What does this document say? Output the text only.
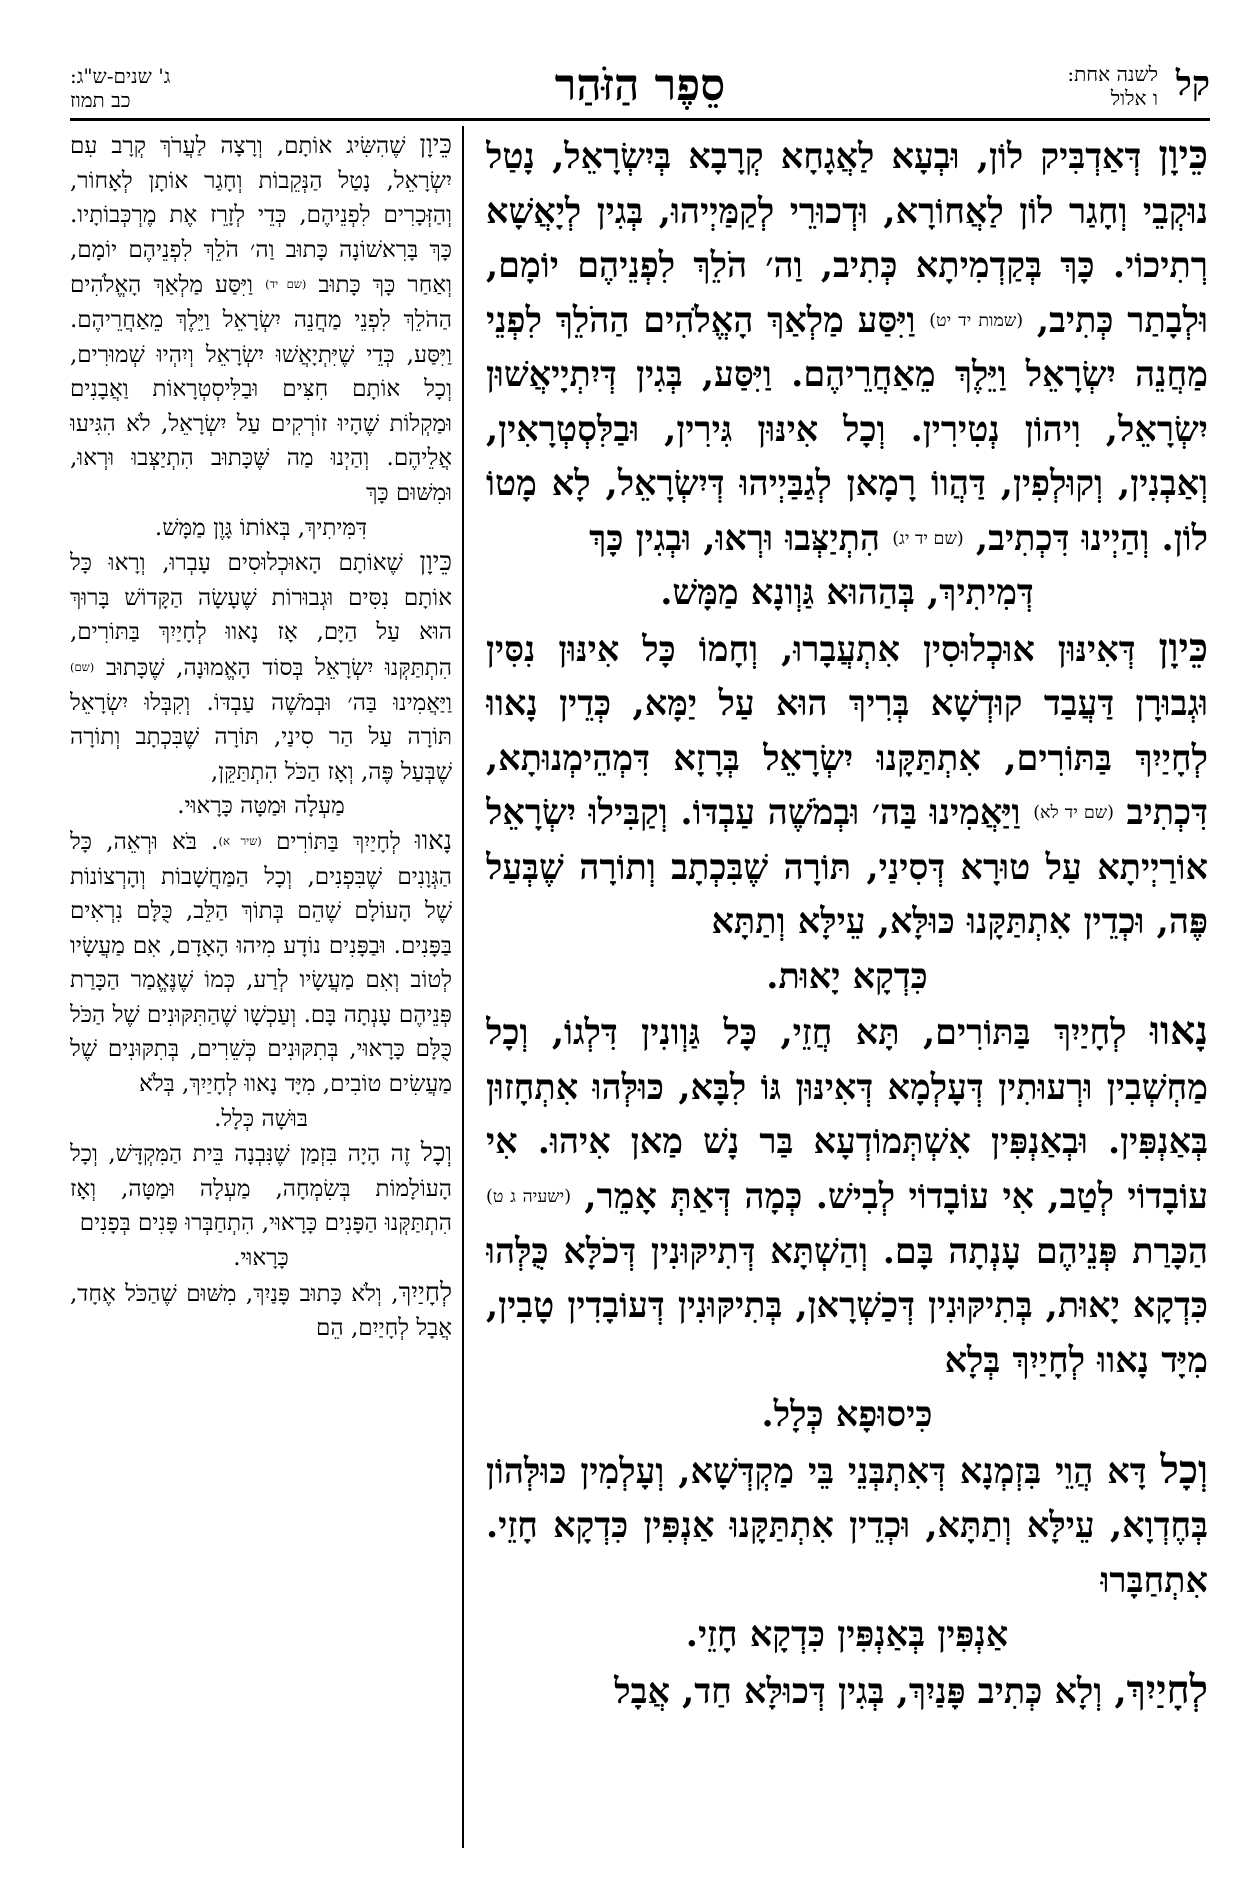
קל
לשנה אחת:
ו אלול
סֵפֶר הַזֹּהַר
ג' שנים-ש"ג:
כב תמוז

כֵּיוָן דְּאַדְבִּיק לוֹן, וּבְעָא לַאֲגָחָא קְרָבָא בְּיִשְׂרָאֵל, נָטַל נוּקְבֵי וְחָגַר לוֹן לַאֲחוֹרָא, וּדְכוּרֵי לְקַמַּיְיהוּ, בְּגִין לְיָאֲשָׁא רְתִיכוֹי. כָּךְ בְּקַדְמִיתָא כְּתִיב, וַה׳ הֹלֵךְ לִפְנֵיהֶם יוֹמָם, וּלְבָתַר כְּתִיב, (שמות יד יט) וַיִּסַּע מַלְאַךְ הָאֱלֹהִים הַהֹלֵךְ לִפְנֵי מַחֲנֵה יִשְׂרָאֵל וַיֵּלֶךְ מֵאַחֲרֵיהֶם. וַיִּסַּע, בְּגִין דְּיִתְיָיאֲשׁוּן יִשְׂרָאֵל, וִיהוֹן נְטִירִין. וְכָל אִינּוּן גִּירִין, וּבַלִּסְטְרָאִין, וְאַבְנִין, וְקוּלְפִין, דַּהֲווֹ רָמָאן לְגַבַּיְיהוּ דְּיִשְׂרָאֵל, לָא מָטוֹ לוֹן. וְהַיְינוּ דִּכְתִיב, (שם יד יג) הִתְיַצְּבוּ וּרְאוּ, וּבְגִין כָּךְ

דְּמִיתִיךְ, בְּהַהוּא גַּוְונָא מַמָּשׁ.

כֵּיוָן דְּאִינּוּן אוּכְלוּסִין אִתְעֲבָרוּ, וְחָמוֹ כָּל אִינּוּן נִסִּין וּגְבוּרָן דַּעֲבַד קוּדְשָׁא בְּרִיךְ הוּא עַל יַמָּא, כְּדֵין נָאווּ לְחָיַיִךְ בַּתּוֹרִים, אִתְתַּקָּנוּ יִשְׂרָאֵל בְּרָזָא דִּמְהֵימְנוּתָא, דִּכְתִיב (שם יד לא) וַיַּאֲמִינוּ בַּה׳ וּבְמֹשֶׁה עַבְדּוֹ. וְקַבִּילוּ יִשְׂרָאֵל אוֹרַיְיתָא עַל טוּרָא דְּסִינַי, תּוֹרָה שֶׁבִּכְתָב וְתוֹרָה שֶׁבְּעַל פֶּה, וּכְדֵין אִתְתַּקָּנוּ כּוּלָּא, עֵילָּא וְתַתָּא

כִּדְקָא יָאוּת.

נָאווּ לְחָיַיִךְ בַּתּוֹרִים, תָּא חֲזֵי, כָּל גַּוְונִין דִּלְגוֹ, וְכָל מַחְשְׁבִין וּרְעוּתִין דְּעָלְמָא דְּאִינּוּן גּוֹ לִבָּא, כּוּלְּהוּ אִתְחָזוּן בְּאַנְפִּין. וּבְאַנְפִּין אִשְׁתְּמוֹדְעָא בַּר נָשׁ מַאן אִיהוּ. אִי עוֹבָדוֹי לְטַב, אִי עוֹבָדוֹי לְבִישׁ. כְּמָה דְּאַתְּ אָמֵר, (ישעיה ג ט) הַכָּרַת פְּנֵיהֶם עָנְתָה בָּם. וְהַשְׁתָּא דְּתִיקּוּנִין דְּכֹלָּא כֻּלְּהוּ כִּדְקָא יָאוּת, בְּתִיקּוּנִין דְּכַשְׁרָאן, בְּתִיקּוּנִין דְּעוֹבָדִין טָבִין, מִיָּד נָאווּ לְחָיַיִךְ בְּלָא

כִּיסוּפָא כְּלָל.

וְכָל דָּא הֲוֵי בִּזְמְנָא דְּאִתְבְּנֵי בֵּי מַקְדְּשָׁא, וְעָלְמִין כּוּלְּהוֹן בְּחֶדְוָא, עֵילָּא וְתַתָּא, וּכְדֵין אִתְתַּקָּנוּ אַנְפִּין כִּדְקָא חָזֵי. אִתְחַבָּרוּ

אַנְפִּין בְּאַנְפִּין כִּדְקָא חָזֵי.

לְחָיַיִךְ, וְלָא כְּתִיב פָּנַיִךְ, בְּגִין דְּכוּלָּא חַד, אֲבָל

כֵּיוָן שֶׁהִשִּׂיג אוֹתָם, וְרָצָה לַעֲרֹךְ קְרָב עִם יִשְׂרָאֵל, נָטַל הַנְּקֵבוֹת וְחָגַר אוֹתָן לְאָחוֹר, וְהַזְּכָרִים לִפְנֵיהֶם, כְּדֵי לְזָרֵז אֶת מֶרְכְּבוֹתָיו. כָּךְ בָּרִאשׁוֹנָה כָּתוּב וַה׳ הֹלֵךְ לִפְנֵיהֶם יוֹמָם, וְאַחַר כָּךְ כָּתוּב (שם יד) וַיִּסַּע מַלְאַךְ הָאֱלֹהִים הַהֹלֵךְ לִפְנֵי מַחֲנֵה יִשְׂרָאֵל וַיֵּלֶךְ מֵאַחֲרֵיהֶם. וַיִּסַּע, כְּדֵי שֶׁיִּתְיָאֲשׁוּ יִשְׂרָאֵל וְיִהְיוּ שְׁמוּרִים, וְכָל אוֹתָם חִצִּים וּבַלִּיסְטְרָאוֹת וַאֲבָנִים וּמַקְלוֹת שֶׁהָיוּ זוֹרְקִים עַל יִשְׂרָאֵל, לֹא הִגִּיעוּ אֲלֵיהֶם. וְהַיְנוּ מַה שֶּׁכָּתוּב הִתְיַצְּבוּ וּרְאוּ, וּמִשּׁוּם כָּךְ

דִּמִּיתִיךְ, בְּאוֹתוֹ גָּוֶן מַמָּשׁ.

כֵּיוָן שֶׁאוֹתָם הָאוּכְלוּסִים עָבְרוּ, וְרָאוּ כָּל אוֹתָם נִסִּים וּגְבוּרוֹת שֶׁעָשָׂה הַקָּדוֹשׁ בָּרוּךְ הוּא עַל הַיָּם, אָז נָאווּ לְחָיַיִךְ בַּתּוֹרִים, הִתְתַּקְּנוּ יִשְׂרָאֵל בְּסוֹד הָאֱמוּנָה, שֶׁכָּתוּב (שם) וַיַּאֲמִינוּ בַּה׳ וּבְמֹשֶׁה עַבְדּוֹ. וְקִבְּלוּ יִשְׂרָאֵל תּוֹרָה עַל הַר סִינַי, תּוֹרָה שֶׁבִּכְתָב וְתוֹרָה שֶׁבְּעַל פֶּה, וְאָז הַכֹּל הִתְתַּקֵּן,

מַעְלָה וּמַטָּה כָּרָאוּי.

נָאווּ לְחָיַיִךְ בַּתּוֹרִים (שיר א). בֹּא וּרְאֵה, כָּל הַגְּוָנִים שֶׁבִּפְנִים, וְכָל הַמַּחֲשָׁבוֹת וְהָרְצוֹנוֹת שֶׁל הָעוֹלָם שֶׁהֵם בְּתוֹךְ הַלֵּב, כֻּלָּם נִרְאִים בַּפָּנִים. וּבַפָּנִים נוֹדָע מִיהוּ הָאָדָם, אִם מַעֲשָׂיו לְטוֹב וְאִם מַעֲשָׂיו לְרַע, כְּמוֹ שֶׁנֶּאֱמַר הַכָּרַת פְּנֵיהֶם עָנְתָה בָּם. וְעַכְשָׁו שֶׁהַתִּקּוּנִים שֶׁל הַכֹּל כֻּלָּם כָּרָאוּי, בְּתִקּוּנִים כְּשֵׁרִים, בְּתִקּוּנִים שֶׁל מַעֲשִׂים טוֹבִים, מִיָּד נָאווּ לְחָיַיִךְ, בְּלֹא

בּוּשָׁה כְּלָל.

וְכָל זֶה הָיָה בִּזְמַן שֶׁנִּבְנָה בֵּית הַמִּקְדָּשׁ, וְכָל הָעוֹלָמוֹת בְּשִׂמְחָה, מַעְלָה וּמַטָּה, וְאָז הִתְתַּקְּנוּ הַפָּנִים כָּרָאוּי, הִתְחַבְּרוּ פָּנִים בְּפָנִים

כָּרָאוּי.

לְחָיַיִךְ, וְלֹא כָּתוּב פָּנַיִךְ, מִשּׁוּם שֶׁהַכֹּל אֶחָד, אֲבָל לְחָיַיִם, הֵם
